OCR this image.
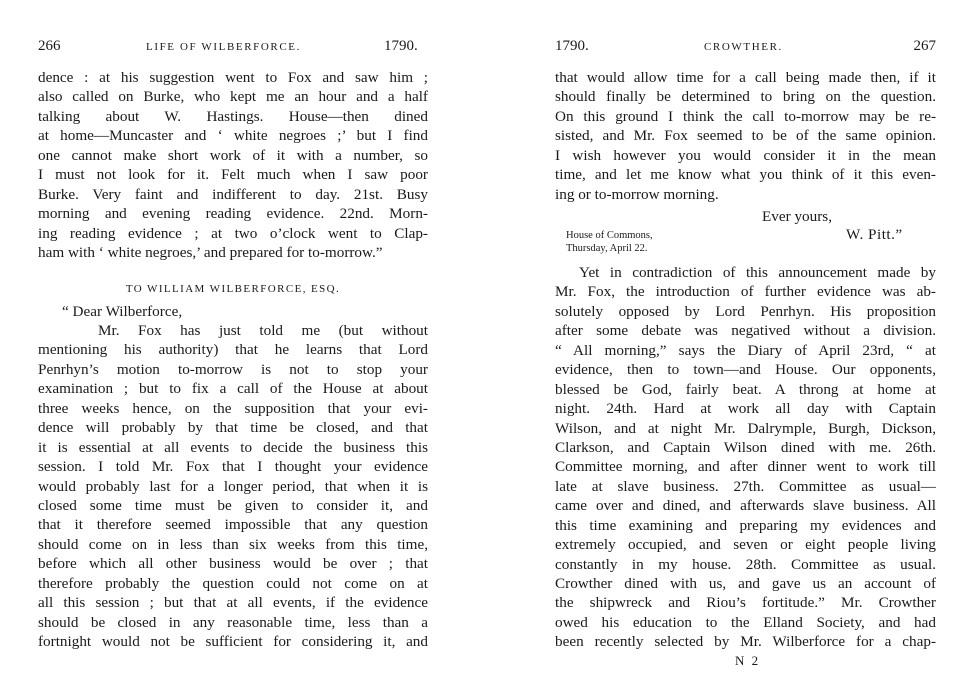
266	LIFE OF WILBERFORCE.	1790.
dence : at his suggestion went to Fox and saw him ;
also called on Burke, who kept me an hour and a half
talking about W. Hastings. House—then dined
at home—Muncaster and ‘ white negroes ;’ but I find
one cannot make short work of it with a number, so
I must not look for it. Felt much when I saw poor
Burke. Very faint and indifferent to day. 21st. Busy
morning and evening reading evidence. 22nd. Morn-
ing reading evidence ; at two o’clock went to Clap-
ham with ‘ white negroes,’ and prepared for to-morrow.”
TO WILLIAM WILBERFORCE, ESQ.
“ Dear Wilberforce,
Mr. Fox has just told me (but without
mentioning his authority) that he learns that Lord
Penrhyn’s motion to-morrow is not to stop your
examination ; but to fix a call of the House at about
three weeks hence, on the supposition that your evi-
dence will probably by that time be closed, and that
it is essential at all events to decide the business this
session. I told Mr. Fox that I thought your evidence
would probably last for a longer period, that when it is
closed some time must be given to consider it, and
that it therefore seemed impossible that any question
should come on in less than six weeks from this time,
before which all other business would be over ; that
therefore probably the question could not come on at
all this session ; but that at all events, if the evidence
should be closed in any reasonable time, less than a
fortnight would not be sufficient for considering it, and
1790.	CROWTHER.	267
that would allow time for a call being made then, if it
should finally be determined to bring on the question.
On this ground I think the call to-morrow may be re-
sisted, and Mr. Fox seemed to be of the same opinion.
I wish however you would consider it in the mean
time, and let me know what you think of it this even-
ing or to-morrow morning.
Ever yours,
House of Commons,
Thursday, April 22.
W. Pitt.”
Yet in contradiction of this announcement made by
Mr. Fox, the introduction of further evidence was ab-
solutely opposed by Lord Penrhyn. His proposition
after some debate was negatived without a division.
“ All morning,” says the Diary of April 23rd, “ at
evidence, then to town—and House. Our opponents,
blessed be God, fairly beat. A throng at home at
night. 24th. Hard at work all day with Captain
Wilson, and at night Mr. Dalrymple, Burgh, Dickson,
Clarkson, and Captain Wilson dined with me. 26th.
Committee morning, and after dinner went to work till
late at slave business. 27th. Committee as usual—
came over and dined, and afterwards slave business. All
this time examining and preparing my evidences and
extremely occupied, and seven or eight people living
constantly in my house. 28th. Committee as usual.
Crowther dined with us, and gave us an account of
the shipwreck and Riou’s fortitude.” Mr. Crowther
owed his education to the Elland Society, and had
been recently selected by Mr. Wilberforce for a chap-
N 2
